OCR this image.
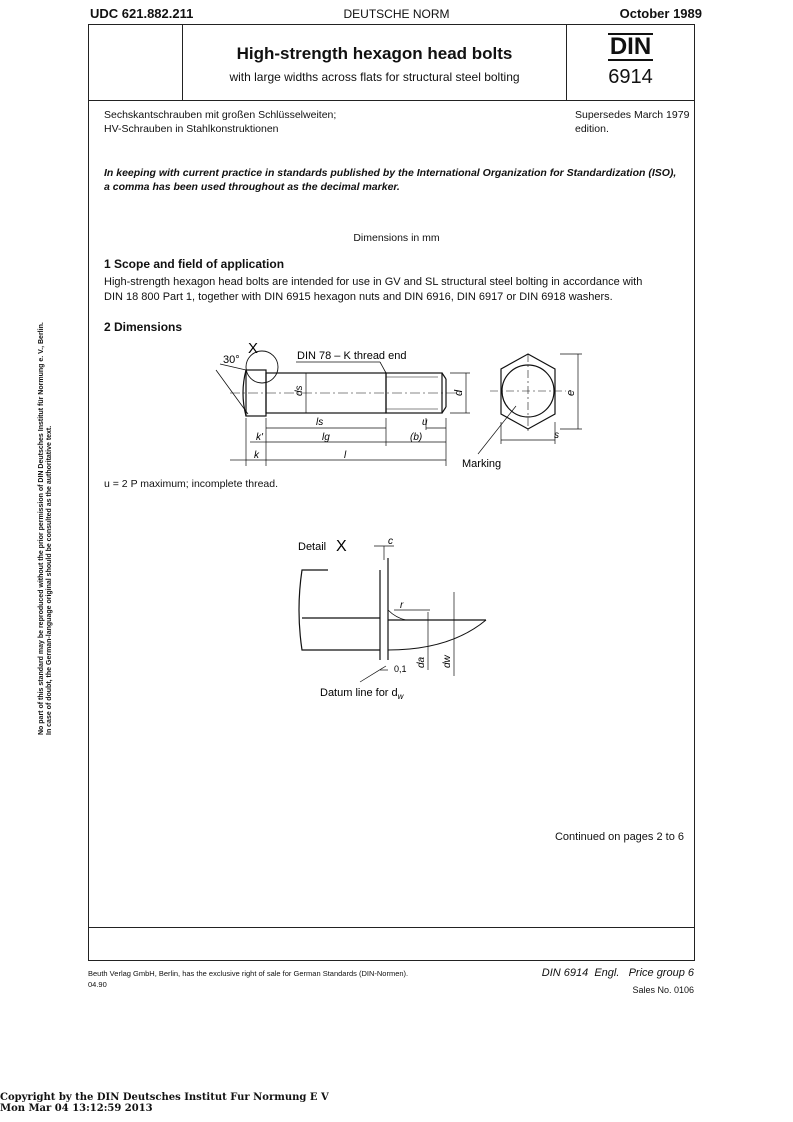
UDC 621.882.211	DEUTSCHE NORM	October 1989
High-strength hexagon head bolts
with large widths across flats for structural steel bolting
DIN
6914
Sechskantschrauben mit großen Schlüsselweiten;
HV-Schrauben in Stahlkonstruktionen
Supersedes March 1979
edition.
In keeping with current practice in standards published by the International Organization for Standardization (ISO),
a comma has been used throughout as the decimal marker.
Dimensions in mm
1 Scope and field of application
High-strength hexagon head bolts are intended for use in GV and SL structural steel bolting in accordance with
DIN 18 800 Part 1, together with DIN 6915 hexagon nuts and DIN 6916, DIN 6917 or DIN 6918 washers.
2 Dimensions
DIN 78 – K thread end
30°
X
ds	d	e
ls	u
k'	lg	(b)
k	l
s
Marking
u = 2 P maximum; incomplete thread.
Detail X	c
r
0,1
da dw
Datum line for $d_w$
Continued on pages 2 to 6
No part of this standard may be reproduced without the prior permission of DIN Deutsches Institut für Normung e. V., Berlin. In case of doubt, the German-language original should be consulted as the authoritative text.
Beuth Verlag GmbH, Berlin, has the exclusive right of sale for German Standards (DIN-Normen).
04.90
DIN 6914  Engl.   Price group 6
Sales No. 0106
Copyright by the DIN Deutsches Institut Fur Normung E V
Mon Mar 04 13:12:59 2013
